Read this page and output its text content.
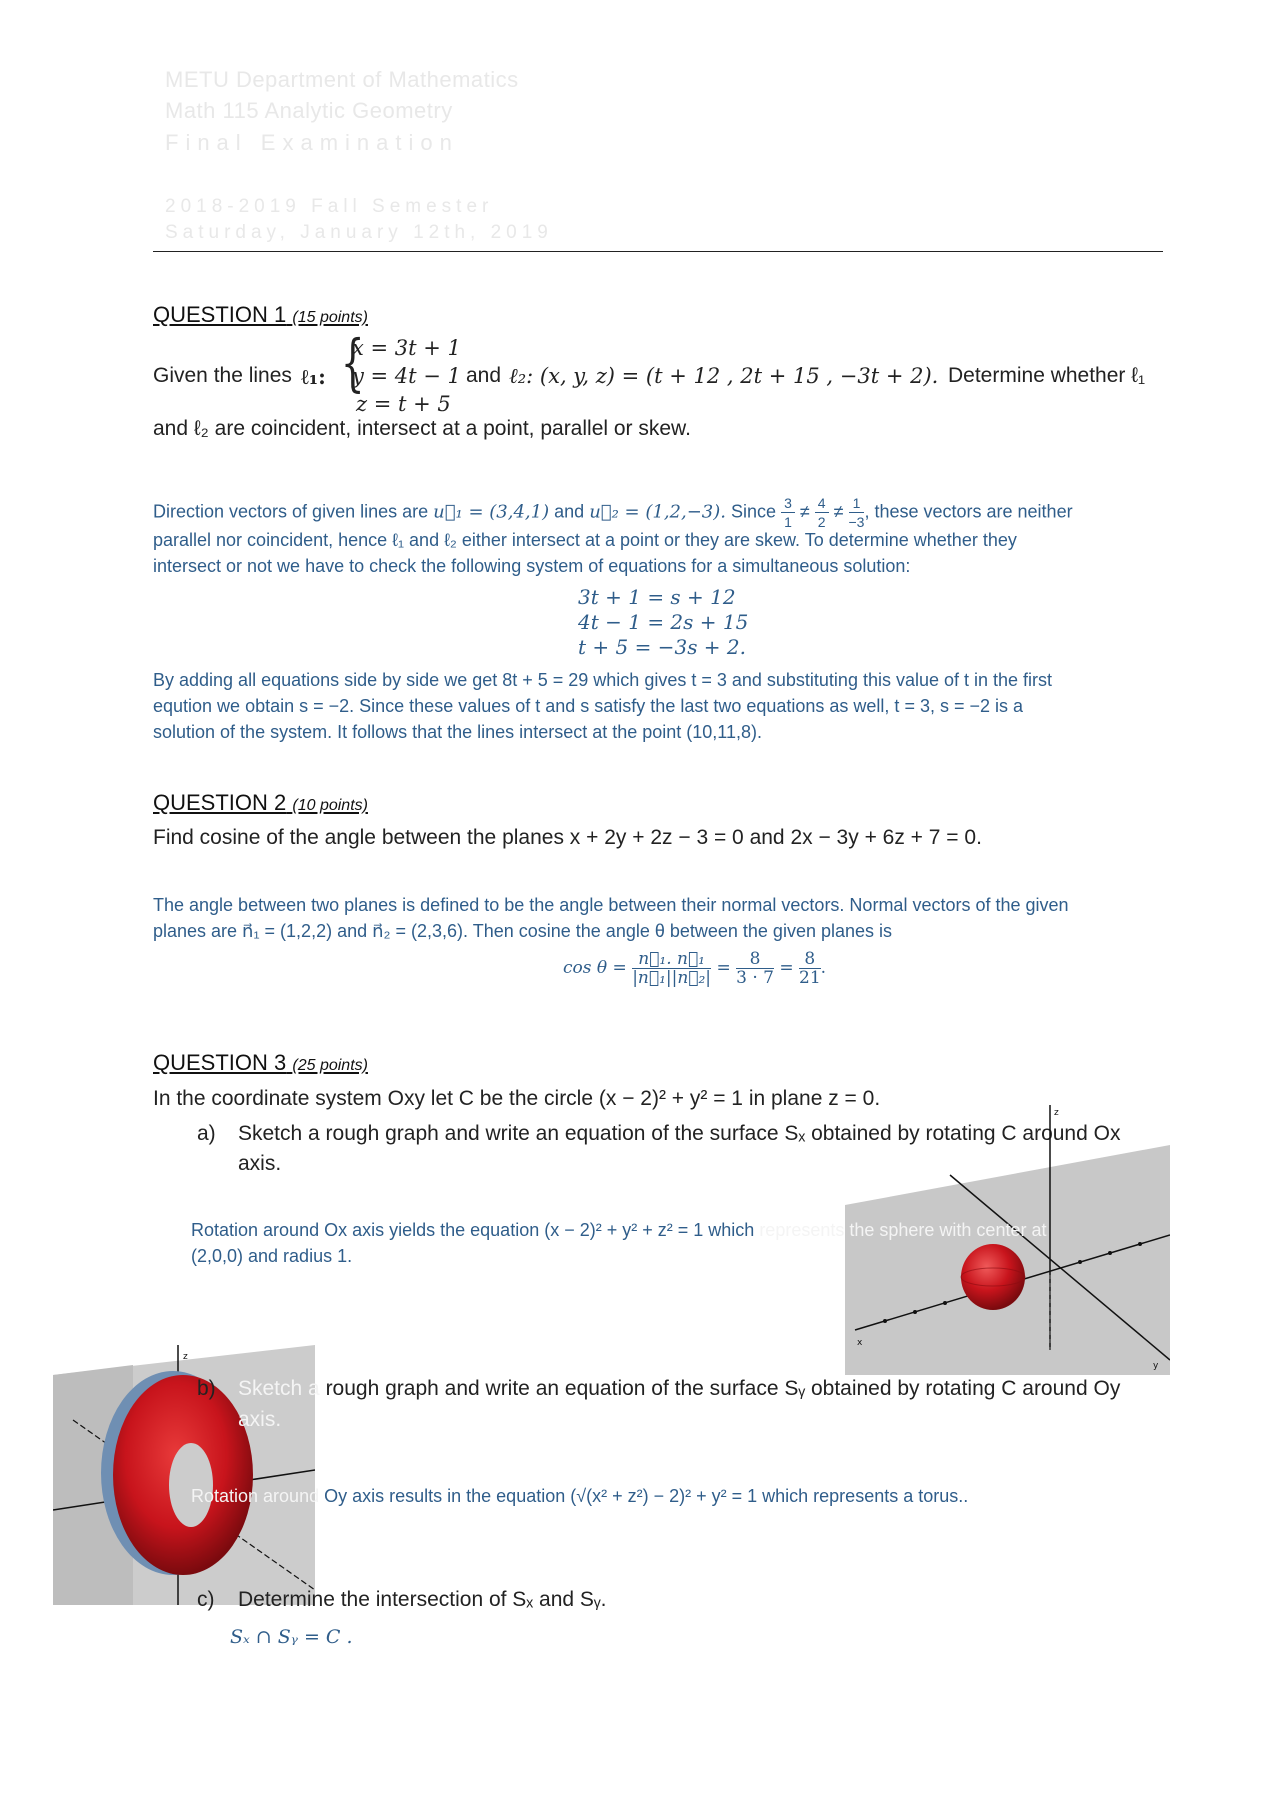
METU Department of Mathematics
Math 115 Analytic Geometry
Final Examination
2018-2019 Fall Semester
Saturday, January 12th, 2019
QUESTION 1 (15 points)
Given the lines ℓ₁: {
x = 3t + 1
y = 4t − 1
z = t + 5
and ℓ₂: (x, y, z) = (t + 12 , 2t + 15 , −3t + 2). Determine whether ℓ₁
and ℓ₂ are coincident, intersect at a point, parallel or skew.
Direction vectors of given lines are u⃗₁ = (3,4,1) and u⃗₂ = (1,2,−3). Since $\frac{3}{1} \ne \frac{4}{2} \ne \frac{1}{-3}$ , these vectors are neither
parallel nor coincident, hence ℓ₁ and ℓ₂ either intersect at a point or they are skew. To determine whether they
intersect or not we have to check the following system of equations for a simultaneous solution:
3t + 1 = s + 12
4t − 1 = 2s + 15
t + 5 = −3s + 2.
By adding all equations side by side we get 8t + 5 = 29 which gives t = 3 and substituting this value of t in the first
eqution we obtain s = −2. Since these values of t and s satisfy the last two equations as well, t = 3, s = −2 is a
solution of the system. It follows that the lines intersect at the point (10,11,8).
QUESTION 2 (10 points)
Find cosine of the angle between the planes x + 2y + 2z − 3 = 0 and 2x − 3y + 6z + 7 = 0.
The angle between two planes is defined to be the angle between their normal vectors. Normal vectors of the given
planes are n⃗₁ = (1,2,2) and n⃗₂ = (2,3,6). Then cosine the angle θ between the given planes is
$\cos \theta = \frac{\text{n⃗₁. n⃗₁}}{\text{|n⃗₁||n⃗₂|}} = \frac{8}{3 \cdot 7} = \frac{8}{21}$ .
QUESTION 3 (25 points)
In the coordinate system Oxy let C be the circle (x − 2)² + y² = 1 in plane z = 0.
a) Sketch a rough graph and write an equation of the surface Sₓ obtained by rotating C around Ox
axis.
z
x
y
Rotation around Ox axis yields the equation (x − 2)² + y² + z² = 1 which represents the sphere with center at
(2,0,0) and radius 1.
z
b) Sketch a rough graph and write an equation of the surface Sᵧ obtained by rotating C around Oy
axis.
Rotation around Oy axis results in the equation (√(x² + z²) − 2)² + y² = 1 which represents a torus..
c) Determine the intersection of Sₓ and Sᵧ.
Sₓ ∩ Sᵧ = C .
